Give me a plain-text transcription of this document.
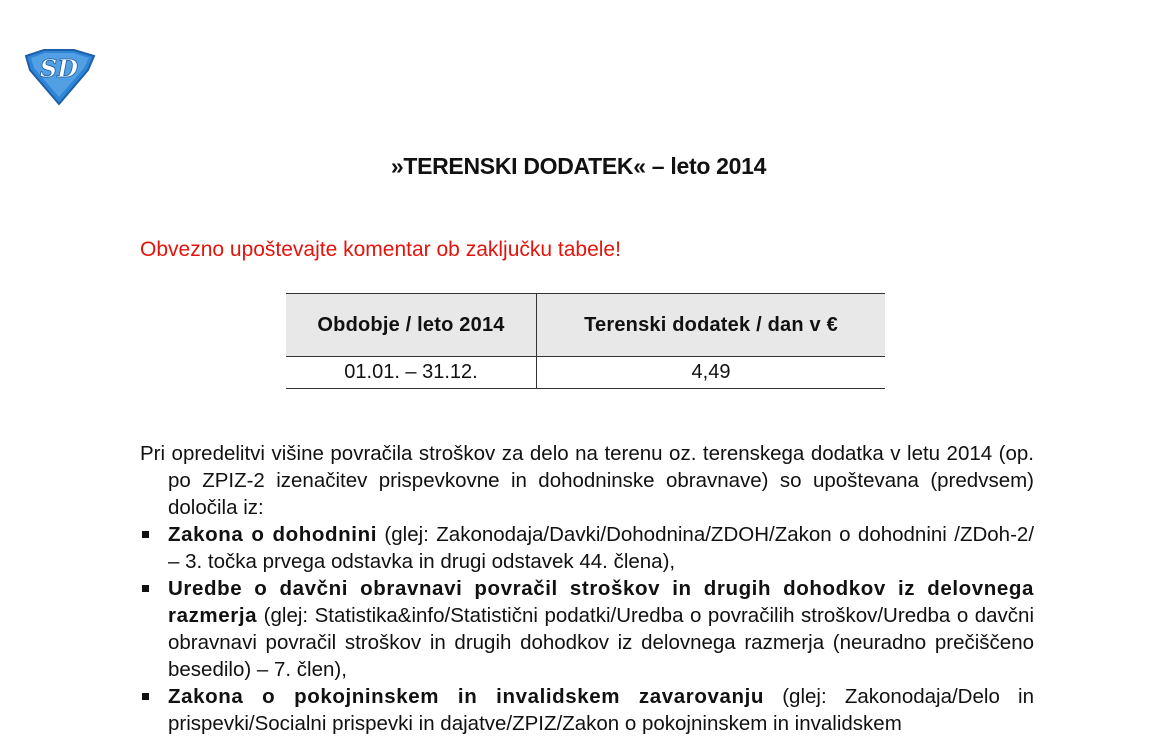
SD
»TERENSKI DODATEK« – leto 2014
Obvezno upoštevajte komentar ob zaključku tabele!
Obdobje / leto 2014	Terenski dodatek / dan v €
01.01. – 31.12.	4,49
Pri opredelitvi višine povračila stroškov za delo na terenu oz. terenskega dodatka v letu 2014 (op. po ZPIZ-2 izenačitev prispevkovne in dohodninske obravnave) so upoštevana (predvsem) določila iz:
Zakona o dohodnini (glej: Zakonodaja/Davki/Dohodnina/ZDOH/Zakon o dohodnini /ZDoh-2/ – 3. točka prvega odstavka in drugi odstavek 44. člena),
Uredbe o davčni obravnavi povračil stroškov in drugih dohodkov iz delovnega razmerja (glej: Statistika&info/Statistični podatki/Uredba o povračilih stroškov/Uredba o davčni obravnavi povračil stroškov in drugih dohodkov iz delovnega razmerja (neuradno prečiščeno besedilo) – 7. člen),
Zakona o pokojninskem in invalidskem zavarovanju (glej: Zakonodaja/Delo in prispevki/Socialni prispevki in dajatve/ZPIZ/Zakon o pokojninskem in invalidskem
